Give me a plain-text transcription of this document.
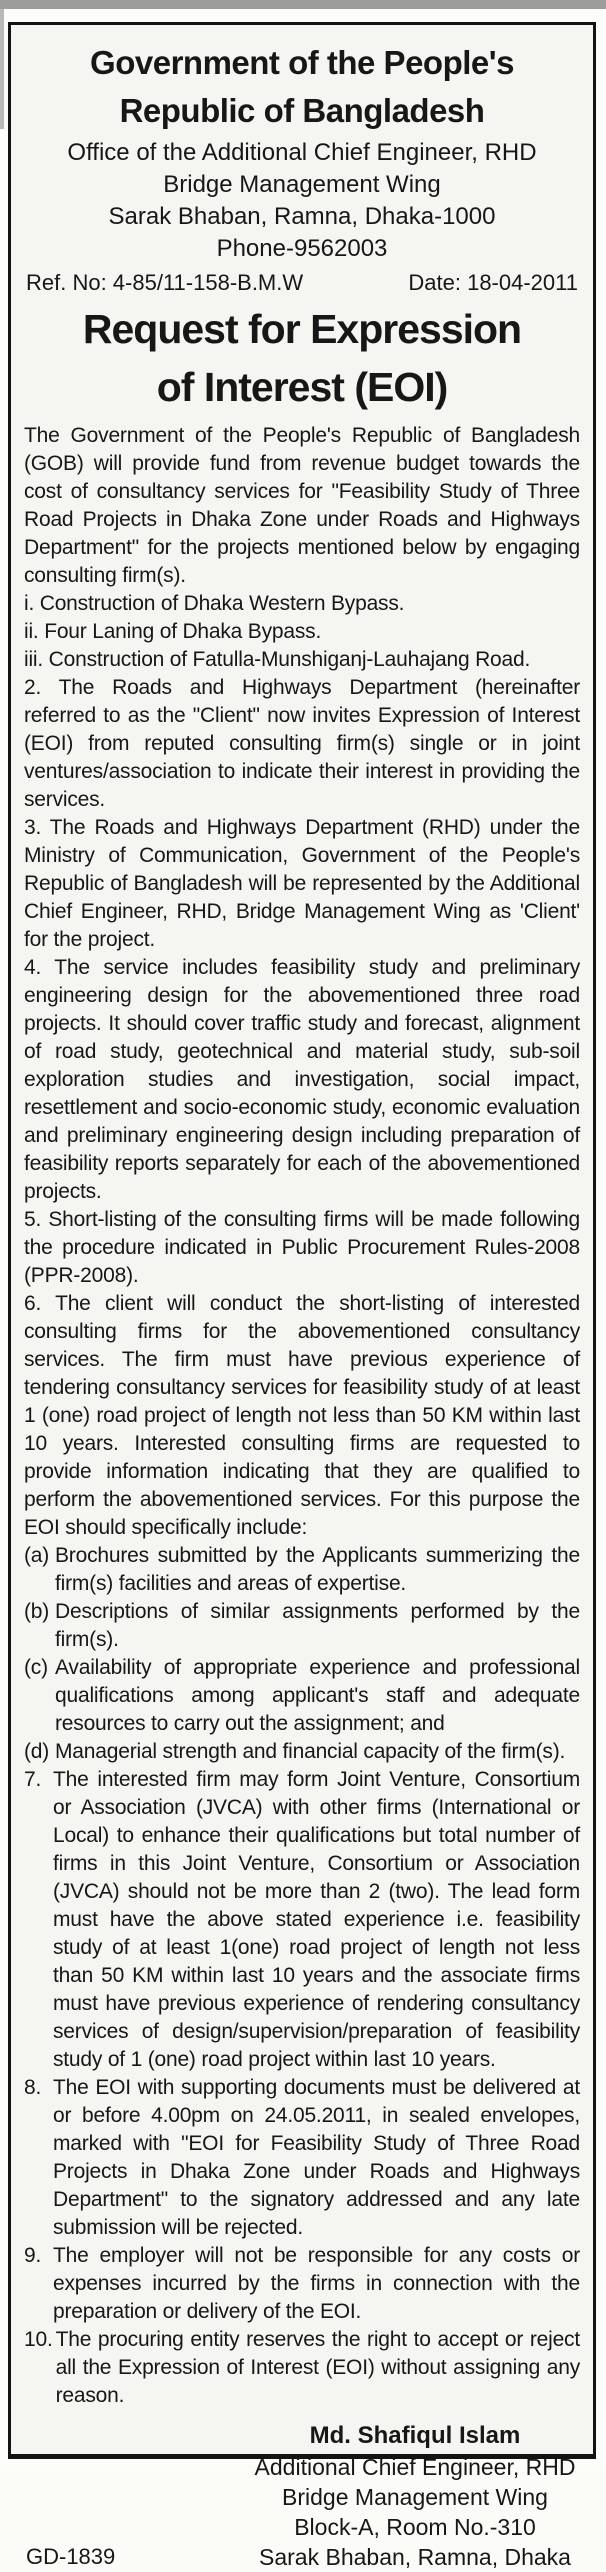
Government of the People's Republic of Bangladesh
Office of the Additional Chief Engineer, RHD
Bridge Management Wing
Sarak Bhaban, Ramna, Dhaka-1000
Phone-9562003
Ref. No: 4-85/11-158-B.M.W	Date: 18-04-2011
Request for Expression of Interest (EOI)

The Government of the People's Republic of Bangladesh (GOB) will provide fund from revenue budget towards the cost of consultancy services for "Feasibility Study of Three Road Projects in Dhaka Zone under Roads and Highways Department" for the projects mentioned below by engaging consulting firm(s).

i. Construction of Dhaka Western Bypass.

ii. Four Laning of Dhaka Bypass.

iii. Construction of Fatulla-Munshiganj-Lauhajang Road.

2. The Roads and Highways Department (hereinafter referred to as the "Client" now invites Expression of Interest (EOI) from reputed consulting firm(s) single or in joint ventures/association to indicate their interest in providing the services.

3. The Roads and Highways Department (RHD) under the Ministry of Communication, Government of the People's Republic of Bangladesh will be represented by the Additional Chief Engineer, RHD, Bridge Management Wing as 'Client' for the project.

4. The service includes feasibility study and preliminary engineering design for the abovementioned three road projects. It should cover traffic study and forecast, alignment of road study, geotechnical and material study, sub-soil exploration studies and investigation, social impact, resettlement and socio-economic study, economic evaluation and preliminary engineering design including preparation of feasibility reports separately for each of the abovementioned projects.

5. Short-listing of the consulting firms will be made following the procedure indicated in Public Procurement Rules-2008 (PPR-2008).

6. The client will conduct the short-listing of interested consulting firms for the abovementioned consultancy services. The firm must have previous experience of tendering consultancy services for feasibility study of at least 1 (one) road project of length not less than 50 KM within last 10 years. Interested consulting firms are requested to provide information indicating that they are qualified to perform the abovementioned services. For this purpose the EOI should specifically include:

(a) Brochures submitted by the Applicants summerizing the firm(s) facilities and areas of expertise.

(b) Descriptions of similar assignments performed by the firm(s).

(c) Availability of appropriate experience and professional qualifications among applicant's staff and adequate resources to carry out the assignment; and

(d) Managerial strength and financial capacity of the firm(s).

7. The interested firm may form Joint Venture, Consortium or Association (JVCA) with other firms (International or Local) to enhance their qualifications but total number of firms in this Joint Venture, Consortium or Association (JVCA) should not be more than 2 (two). The lead form must have the above stated experience i.e. feasibility study of at least 1(one) road project of length not less than 50 KM within last 10 years and the associate firms must have previous experience of rendering consultancy services of design/supervision/preparation of feasibility study of 1 (one) road project within last 10 years.

8. The EOI with supporting documents must be delivered at or before 4.00pm on 24.05.2011, in sealed envelopes, marked with "EOI for Feasibility Study of Three Road Projects in Dhaka Zone under Roads and Highways Department" to the signatory addressed and any late submission will be rejected.

9. The employer will not be responsible for any costs or expenses incurred by the firms in connection with the preparation or delivery of the EOI.

10. The procuring entity reserves the right to accept or reject all the Expression of Interest (EOI) without assigning any reason.

GD-1839
Md. Shafiqul Islam
Additional Chief Engineer, RHD
Bridge Management Wing
Block-A, Room No.-310
Sarak Bhaban, Ramna, Dhaka
